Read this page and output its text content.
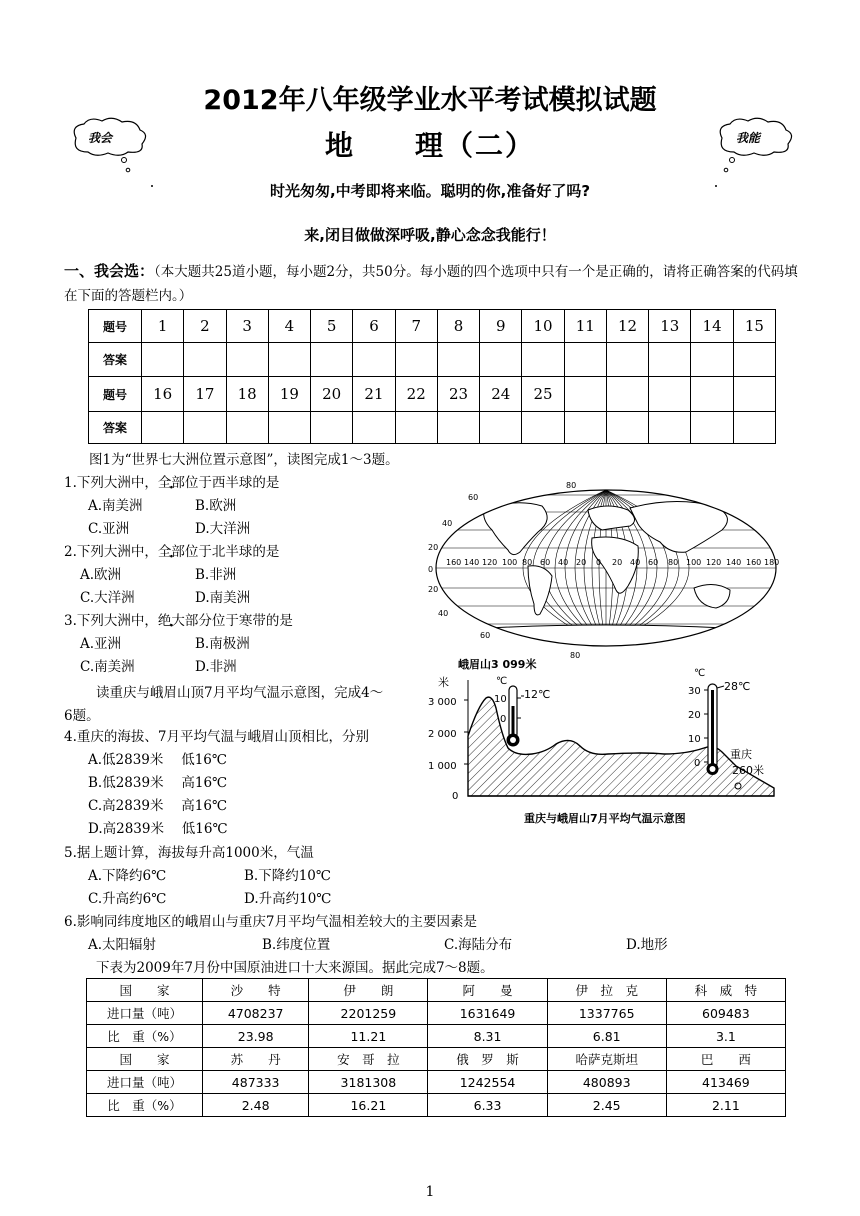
2012年八年级学业水平考试模拟试题
地　　理（二）
我会	我能
时光匆匆,中考即将来临。聪明的你,准备好了吗?
来,闭目做做深呼吸,静心念念我能行！
一、我会选：（本大题共25道小题，每小题2分，共50分。每小题的四个选项中只有一个是正确的，请将正确答案的代码填在下面的答题栏内。）
题号	1	2	3	4	5	6	7	8	9	10	11	12	13	14	15
答案															
题号	16	17	18	19	20	21	22	23	24	25					
答案															
图1为“世界七大洲位置示意图”，读图完成1～3题。
1.下列大洲中，全部位于西半球的是
A.南美洲	B.欧洲
C.亚洲	D.大洋洲
2.下列大洲中，全部位于北半球的是
A.欧洲	B.非洲
C.大洋洲	D.南美洲
3.下列大洲中，绝大部分位于寒带的是
A.亚洲	B.南极洲
C.南美洲	D.非洲
读重庆与峨眉山顶7月平均气温示意图，完成4～
6题。
4.重庆的海拔、7月平均气温与峨眉山顶相比，分别
A.低2839米　 低16℃
B.低2839米　 高16℃
C.高2839米　 高16℃
D.高2839米　 低16℃
5.据上题计算，海拔每升高1000米，气温
A.下降约6℃	B.下降约10℃
C.升高约6℃	D.升高约10℃
6.影响同纬度地区的峨眉山与重庆7月平均气温相差较大的主要因素是
A.太阳辐射	B.纬度位置	C.海陆分布	D.地形
下表为2009年7月份中国原油进口十大来源国。据此完成7～8题。
80
60
40
20
0
20
40
60
80
160 140 120 100 80 60 40 20 0 20 40 60 80 100 120 140 160 180
峨眉山3 099米
米
3 000
2 000
1 000
0
℃
10
0
12℃
℃
30
20
10
0
28℃
重庆
260米
重庆与峨眉山7月平均气温示意图
国　　家	沙　　特	伊　　朗	阿　　曼	伊　拉　克	科　威　特
进口量（吨）	4708237	2201259	1631649	1337765	609483
比　重（%）	23.98	11.21	8.31	6.81	3.1
国　　家	苏　　丹	安　哥　拉	俄　罗　斯	哈萨克斯坦	巴　　西
进口量（吨）	487333	3181308	1242554	480893	413469
比　重（%）	2.48	16.21	6.33	2.45	2.11
1
